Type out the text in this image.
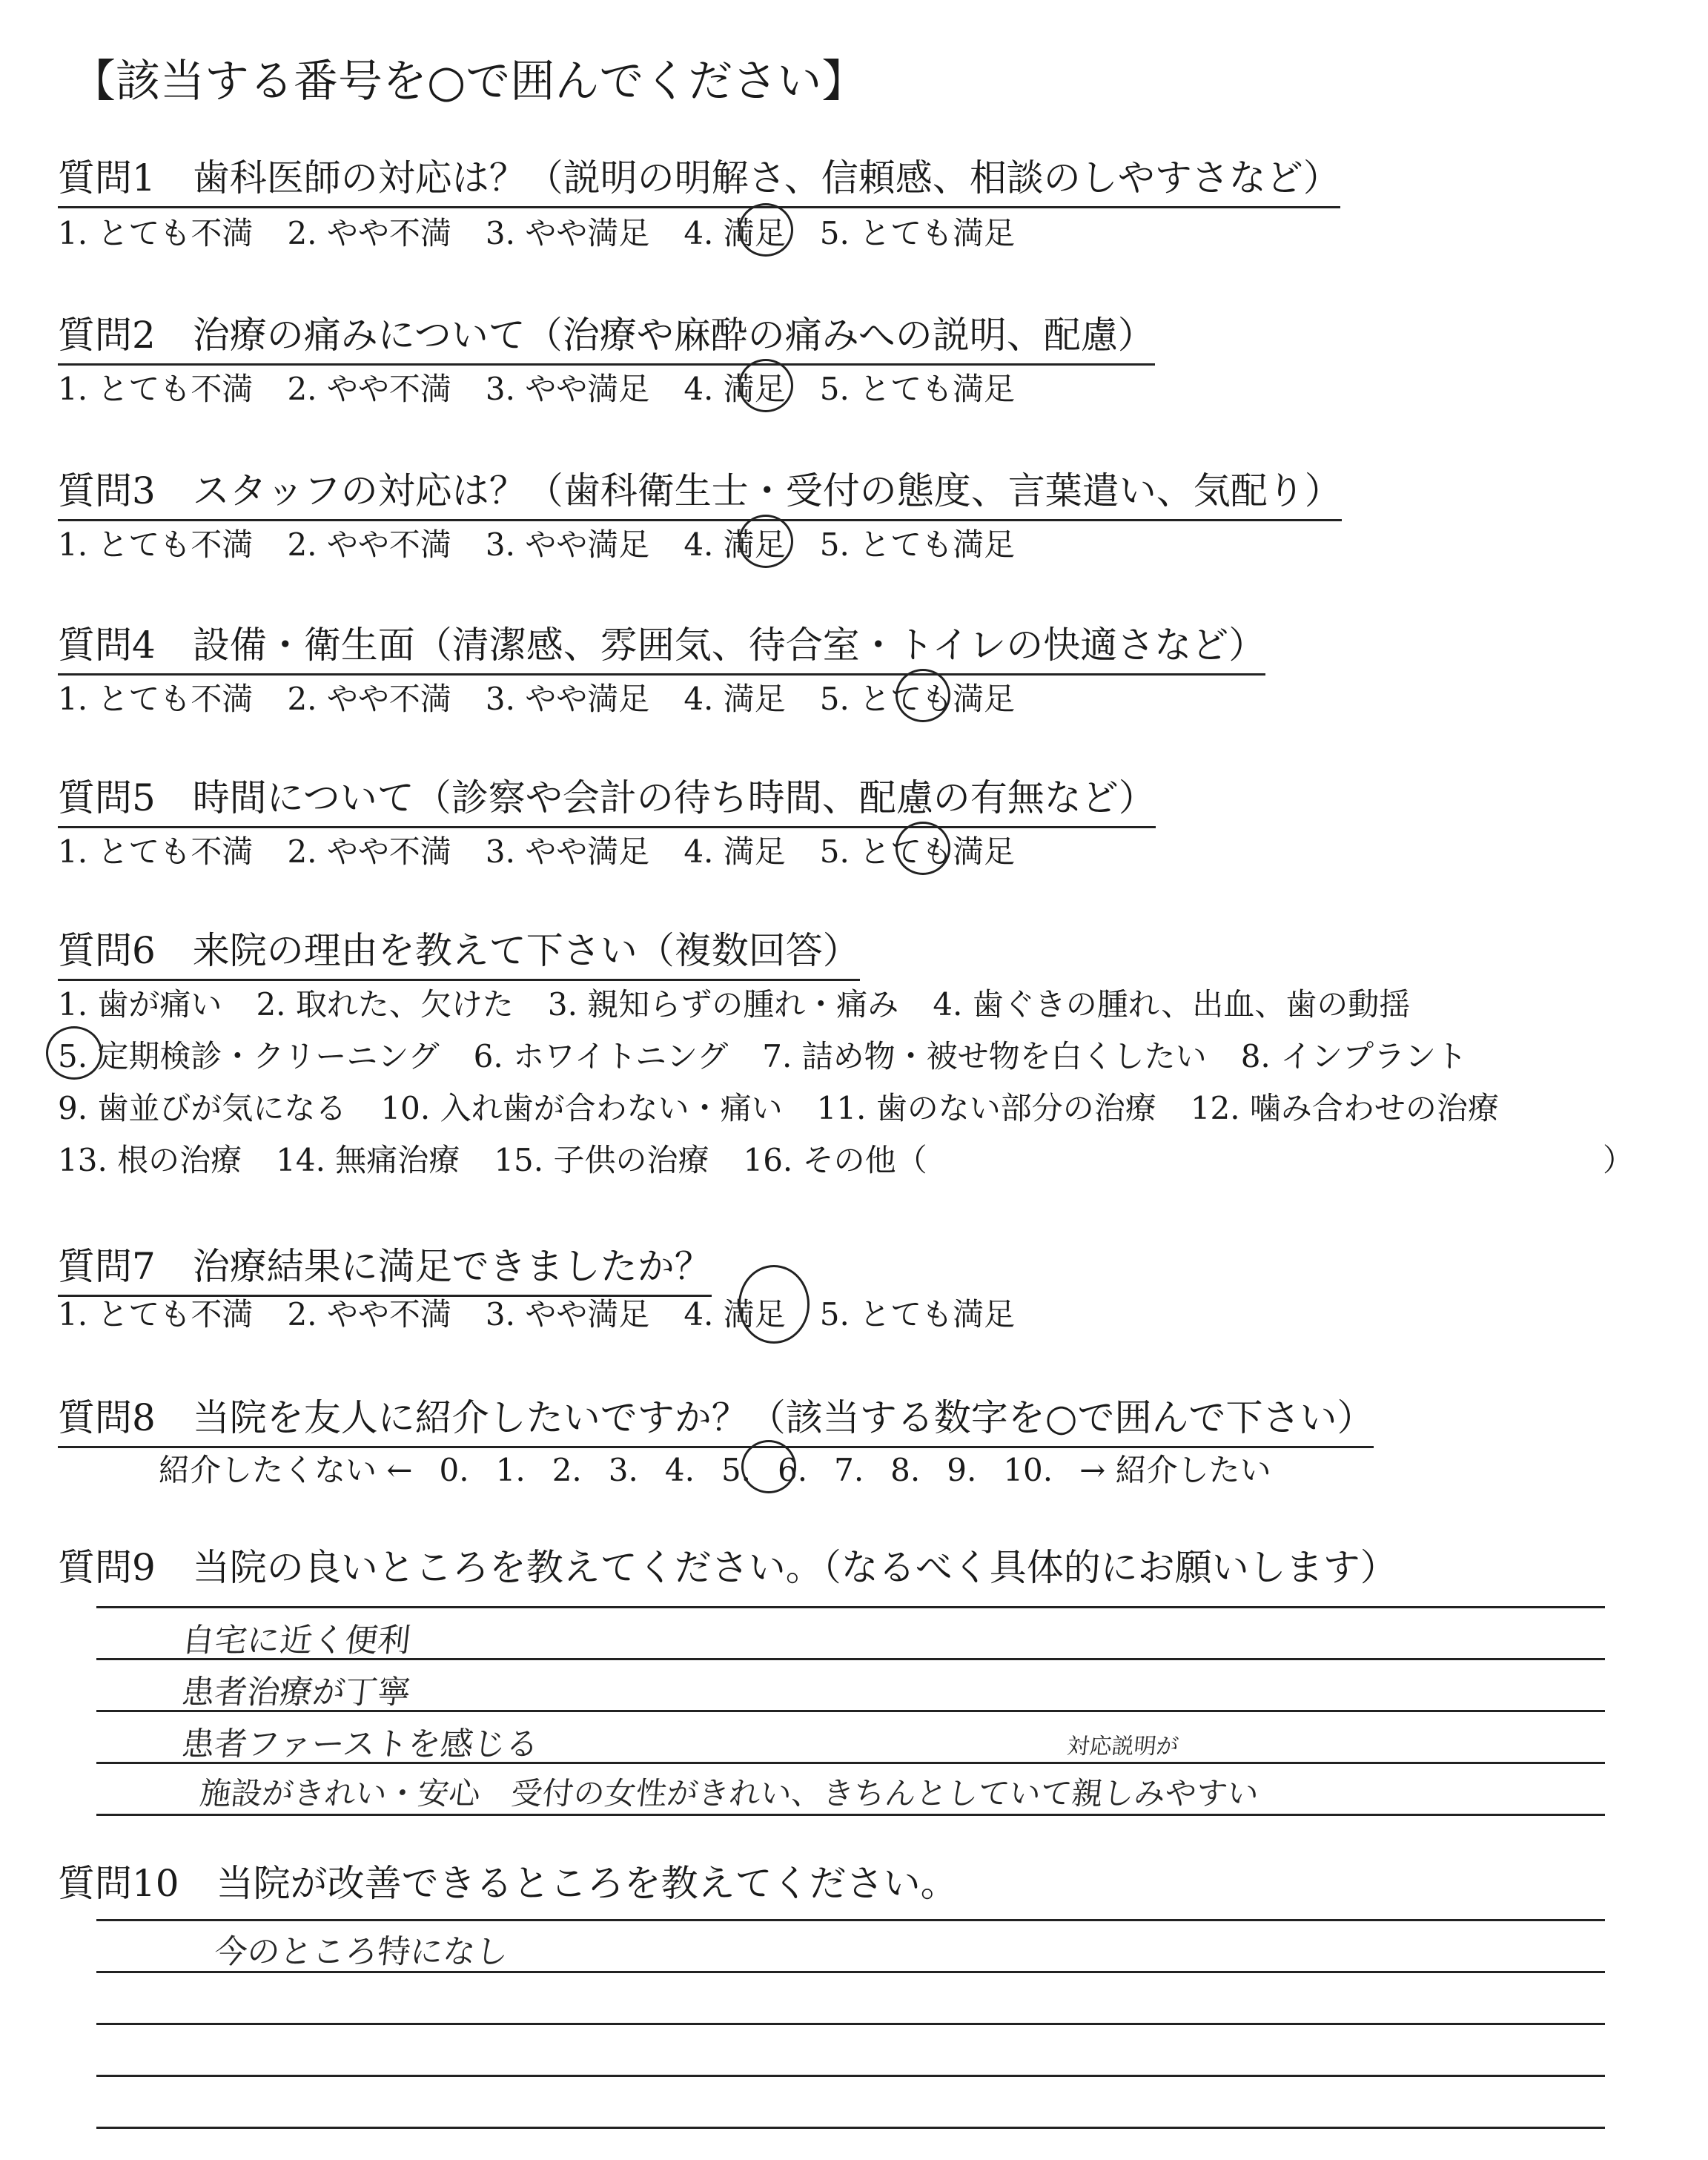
【該当する番号を○で囲んでください】
質問1　歯科医師の対応は？（説明の明解さ、信頼感、相談のしやすさなど）
1. とても不満 2. やや不満 3. やや満足 4. 満足 5. とても満足
質問2　治療の痛みについて（治療や麻酔の痛みへの説明、配慮）
1. とても不満 2. やや不満 3. やや満足 4. 満足 5. とても満足
質問3　スタッフの対応は？（歯科衛生士・受付の態度、言葉遣い、気配り）
1. とても不満 2. やや不満 3. やや満足 4. 満足 5. とても満足
質問4　設備・衛生面（清潔感、雰囲気、待合室・トイレの快適さなど）
1. とても不満 2. やや不満 3. やや満足 4. 満足 5. とても満足
質問5　時間について（診察や会計の待ち時間、配慮の有無など）
1. とても不満 2. やや不満 3. やや満足 4. 満足 5. とても満足
質問6　来院の理由を教えて下さい（複数回答）
1. 歯が痛い 2. 取れた、欠けた 3. 親知らずの腫れ・痛み 4. 歯ぐきの腫れ、出血、歯の動揺
5. 定期検診・クリーニング 6. ホワイトニング 7. 詰め物・被せ物を白くしたい 8. インプラント
9. 歯並びが気になる 10. 入れ歯が合わない・痛い 11. 歯のない部分の治療 12. 噛み合わせの治療
13. 根の治療 14. 無痛治療 15. 子供の治療 16. その他（	）
質問7　治療結果に満足できましたか？
1. とても不満 2. やや不満 3. やや満足 4. 満足 5. とても満足
質問8　当院を友人に紹介したいですか？（該当する数字を○で囲んで下さい）
紹介したくない ← 0. 1. 2. 3. 4. 5. 6. 7. 8. 9. 10. → 紹介したい
質問9　当院の良いところを教えてください。（なるべく具体的にお願いします）
自宅に近く便利
患者治療が丁寧
患者ファーストを感じる	対応説明が
施設がきれい・安心　受付の女性がきれい、きちんとしていて親しみやすい
質問10　当院が改善できるところを教えてください。
今のところ特になし
